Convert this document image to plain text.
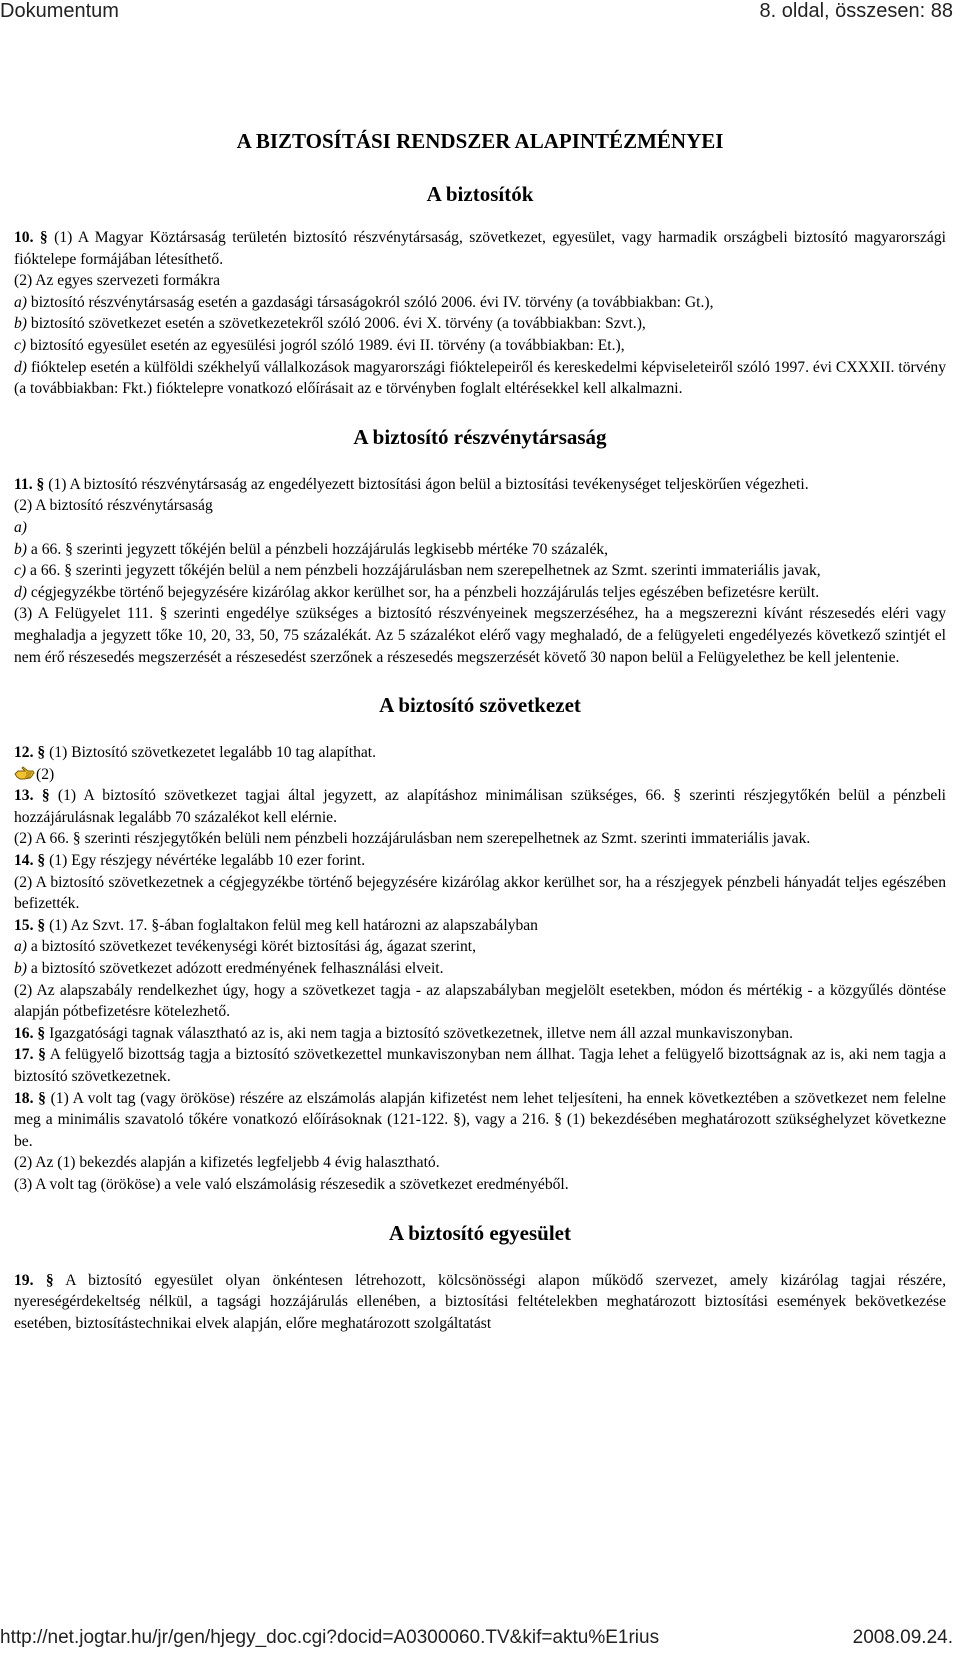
Dokumentum	8. oldal, összesen: 88
A BIZTOSÍTÁSI RENDSZER ALAPINTÉZMÉNYEI
A biztosítók

10. § (1) A Magyar Köztársaság területén biztosító részvénytársaság, szövetkezet, egyesület, vagy harmadik országbeli biztosító magyarországi fióktelepe formájában létesíthető.

(2) Az egyes szervezeti formákra

a) biztosító részvénytársaság esetén a gazdasági társaságokról szóló 2006. évi IV. törvény (a továbbiakban: Gt.),

b) biztosító szövetkezet esetén a szövetkezetekről szóló 2006. évi X. törvény (a továbbiakban: Szvt.),

c) biztosító egyesület esetén az egyesülési jogról szóló 1989. évi II. törvény (a továbbiakban: Et.),

d) fióktelep esetén a külföldi székhelyű vállalkozások magyarországi fióktelepeiről és kereskedelmi képviseleteiről szóló 1997. évi CXXXII. törvény (a továbbiakban: Fkt.) fióktelepre vonatkozó előírásait az e törvényben foglalt eltérésekkel kell alkalmazni.

A biztosító részvénytársaság

11. § (1) A biztosító részvénytársaság az engedélyezett biztosítási ágon belül a biztosítási tevékenységet teljeskörűen végezheti.

(2) A biztosító részvénytársaság

a)

b) a 66. § szerinti jegyzett tőkéjén belül a pénzbeli hozzájárulás legkisebb mértéke 70 százalék,

c) a 66. § szerinti jegyzett tőkéjén belül a nem pénzbeli hozzájárulásban nem szerepelhetnek az Szmt. szerinti immateriális javak,

d) cégjegyzékbe történő bejegyzésére kizárólag akkor kerülhet sor, ha a pénzbeli hozzájárulás teljes egészében befizetésre került.

(3) A Felügyelet 111. § szerinti engedélye szükséges a biztosító részvényeinek megszerzéséhez, ha a megszerezni kívánt részesedés eléri vagy meghaladja a jegyzett tőke 10, 20, 33, 50, 75 százalékát. Az 5 százalékot elérő vagy meghaladó, de a felügyeleti engedélyezés következő szintjét el nem érő részesedés megszerzését a részesedést szerzőnek a részesedés megszerzését követő 30 napon belül a Felügyelethez be kell jelentenie.

A biztosító szövetkezet

12. § (1) Biztosító szövetkezetet legalább 10 tag alapíthat.

(2)

13. § (1) A biztosító szövetkezet tagjai által jegyzett, az alapításhoz minimálisan szükséges, 66. § szerinti részjegytőkén belül a pénzbeli hozzájárulásnak legalább 70 százalékot kell elérnie.

(2) A 66. § szerinti részjegytőkén belüli nem pénzbeli hozzájárulásban nem szerepelhetnek az Szmt. szerinti immateriális javak.

14. § (1) Egy részjegy névértéke legalább 10 ezer forint.

(2) A biztosító szövetkezetnek a cégjegyzékbe történő bejegyzésére kizárólag akkor kerülhet sor, ha a részjegyek pénzbeli hányadát teljes egészében befizették.

15. § (1) Az Szvt. 17. §-ában foglaltakon felül meg kell határozni az alapszabályban

a) a biztosító szövetkezet tevékenységi körét biztosítási ág, ágazat szerint,

b) a biztosító szövetkezet adózott eredményének felhasználási elveit.

(2) Az alapszabály rendelkezhet úgy, hogy a szövetkezet tagja - az alapszabályban megjelölt esetekben, módon és mértékig - a közgyűlés döntése alapján pótbefizetésre kötelezhető.

16. § Igazgatósági tagnak választható az is, aki nem tagja a biztosító szövetkezetnek, illetve nem áll azzal munkaviszonyban.

17. § A felügyelő bizottság tagja a biztosító szövetkezettel munkaviszonyban nem állhat. Tagja lehet a felügyelő bizottságnak az is, aki nem tagja a biztosító szövetkezetnek.

18. § (1) A volt tag (vagy örököse) részére az elszámolás alapján kifizetést nem lehet teljesíteni, ha ennek következtében a szövetkezet nem felelne meg a minimális szavatoló tőkére vonatkozó előírásoknak (121-122. §), vagy a 216. § (1) bekezdésében meghatározott szükséghelyzet következne be.

(2) Az (1) bekezdés alapján a kifizetés legfeljebb 4 évig halasztható.

(3) A volt tag (örököse) a vele való elszámolásig részesedik a szövetkezet eredményéből.

A biztosító egyesület

19. § A biztosító egyesület olyan önkéntesen létrehozott, kölcsönösségi alapon működő szervezet, amely kizárólag tagjai részére, nyereségérdekeltség nélkül, a tagsági hozzájárulás ellenében, a biztosítási feltételekben meghatározott biztosítási események bekövetkezése esetében, biztosítástechnikai elvek alapján, előre meghatározott szolgáltatást

http://net.jogtar.hu/jr/gen/hjegy_doc.cgi?docid=A0300060.TV&kif=aktu%E1rius	2008.09.24.
